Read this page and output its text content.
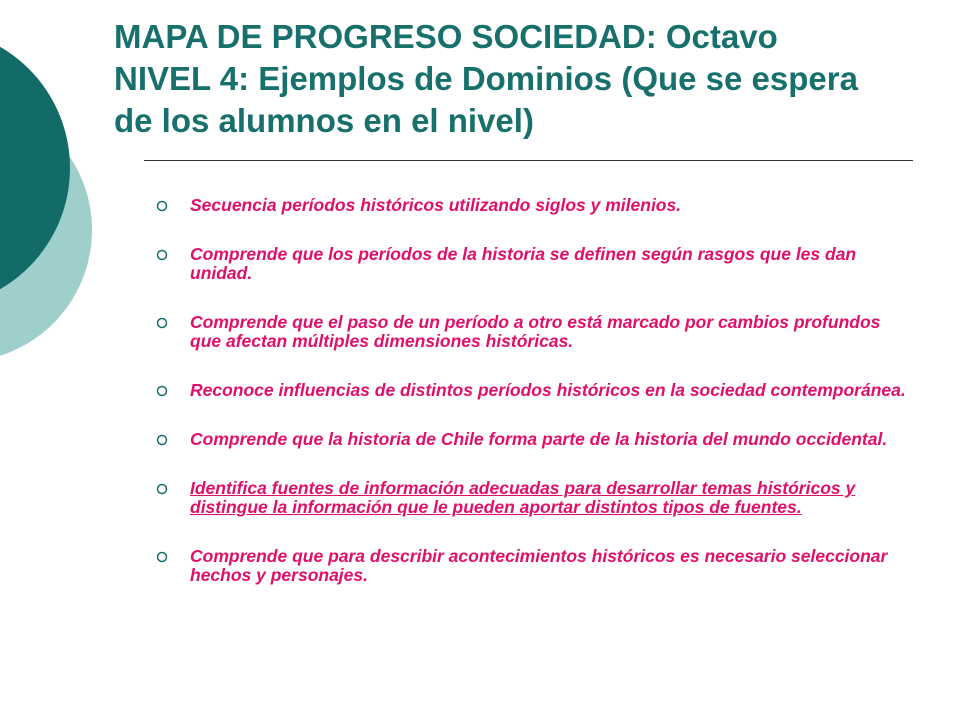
MAPA DE PROGRESO SOCIEDAD: Octavo
NIVEL 4: Ejemplos de Dominios (Que se espera
de los alumnos en el nivel)
Secuencia períodos históricos utilizando siglos y milenios.
Comprende que los períodos de la historia se definen según rasgos que les dan unidad.
Comprende que el paso de un período a otro está marcado por cambios profundos que afectan múltiples dimensiones históricas.
Reconoce influencias de distintos períodos históricos en la sociedad contemporánea.
Comprende que la historia de Chile forma parte de la historia del mundo occidental.
Identifica fuentes de información adecuadas para desarrollar temas históricos y distingue la información que le pueden aportar distintos tipos de fuentes.
Comprende que para describir acontecimientos históricos es necesario seleccionar hechos y personajes.
